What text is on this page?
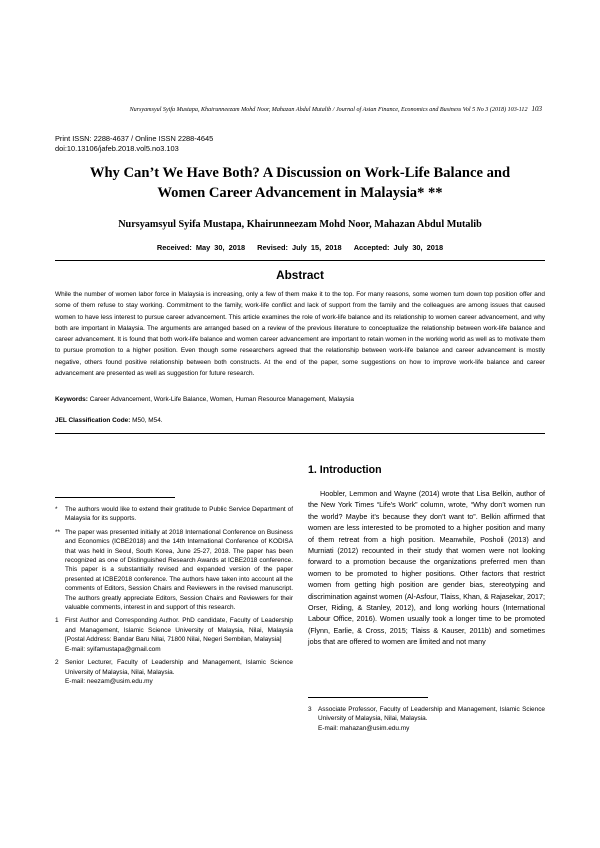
Nursyamsyul Syifa Mustapa, Khairunneezam Mohd Noor, Mahazan Abdul Mutalib / Journal of Asian Finance, Economics and Business Vol 5 No 3 (2018) 103-112 103
Print ISSN: 2288-4637 / Online ISSN 2288-4645
doi:10.13106/jafeb.2018.vol5.no3.103
Why Can’t We Have Both? A Discussion on Work-Life Balance and
Women Career Advancement in Malaysia* **
Nursyamsyul Syifa Mustapa, Khairunneezam Mohd Noor, Mahazan Abdul Mutalib
Received: May 30, 2018 Revised: July 15, 2018 Accepted: July 30, 2018
Abstract
While the number of women labor force in Malaysia is increasing, only a few of them make it to the top. For many reasons, some women turn down top position offer and some of them refuse to stay working. Commitment to the family, work-life conflict and lack of support from the family and the colleagues are among issues that caused women to have less interest to pursue career advancement. This article examines the role of work-life balance and its relationship to women career advancement, and why both are important in Malaysia. The arguments are arranged based on a review of the previous literature to conceptualize the relationship between work-life balance and career advancement. It is found that both work-life balance and women career advancement are important to retain women in the working world as well as to motivate them to pursue promotion to a higher position. Even though some researchers agreed that the relationship between work-life balance and career advancement is mostly negative, others found positive relationship between both constructs. At the end of the paper, some suggestions on how to improve work-life balance and career advancement are presented as well as suggestion for future research.
Keywords: Career Advancement, Work-Life Balance, Women, Human Resource Management, Malaysia
JEL Classification Code: M50, M54.
*	The authors would like to extend their gratitude to Public Service Department of Malaysia for its supports.
** The paper was presented initially at 2018 International Conference on Business and Economics (ICBE2018) and the 14th International Conference of KODISA that was held in Seoul, South Korea, June 25-27, 2018. The paper has been recognized as one of Distinguished Research Awards at ICBE2018 conference. This paper is a substantially revised and expanded version of the paper presented at ICBE2018 conference. The authors have taken into account all the comments of Editors, Session Chairs and Reviewers in the revised manuscript. The authors greatly appreciate Editors, Session Chairs and Reviewers for their valuable comments, interest in and support of this research.
1 First Author and Corresponding Author. PhD candidate, Faculty of Leadership and Management, Islamic Science University of Malaysia, Nilai, Malaysia [Postal Address: Bandar Baru Nilai, 71800 Nilai, Negeri Sembilan, Malaysia]
E-mail: syifamustapa@gmail.com
2 Senior Lecturer, Faculty of Leadership and Management, Islamic Science University of Malaysia, Nilai, Malaysia.
E-mail: neezam@usim.edu.my
1. Introduction
Hoobler, Lemmon and Wayne (2014) wrote that Lisa Belkin, author of the New York Times “Life’s Work” column, wrote, “Why don’t women run the world? Maybe it’s because they don’t want to”. Belkin affirmed that women are less interested to be promoted to a higher position and many of them retreat from a high position. Meanwhile, Posholi (2013) and Murniati (2012) recounted in their study that women were not looking forward to a promotion because the organizations preferred men than women to be promoted to higher positions. Other factors that restrict women from getting high position are gender bias, stereotyping and discrimination against women (Al-Asfour, Tlaiss, Khan, & Rajasekar, 2017; Orser, Riding, & Stanley, 2012), and long working hours (International Labour Office, 2016). Women usually took a longer time to be promoted (Flynn, Earlie, & Cross, 2015; Tlaiss & Kauser, 2011b) and sometimes jobs that are offered to women are limited and not many
3 Associate Professor, Faculty of Leadership and Management, Islamic Science University of Malaysia, Nilai, Malaysia.
E-mail: mahazan@usim.edu.my
